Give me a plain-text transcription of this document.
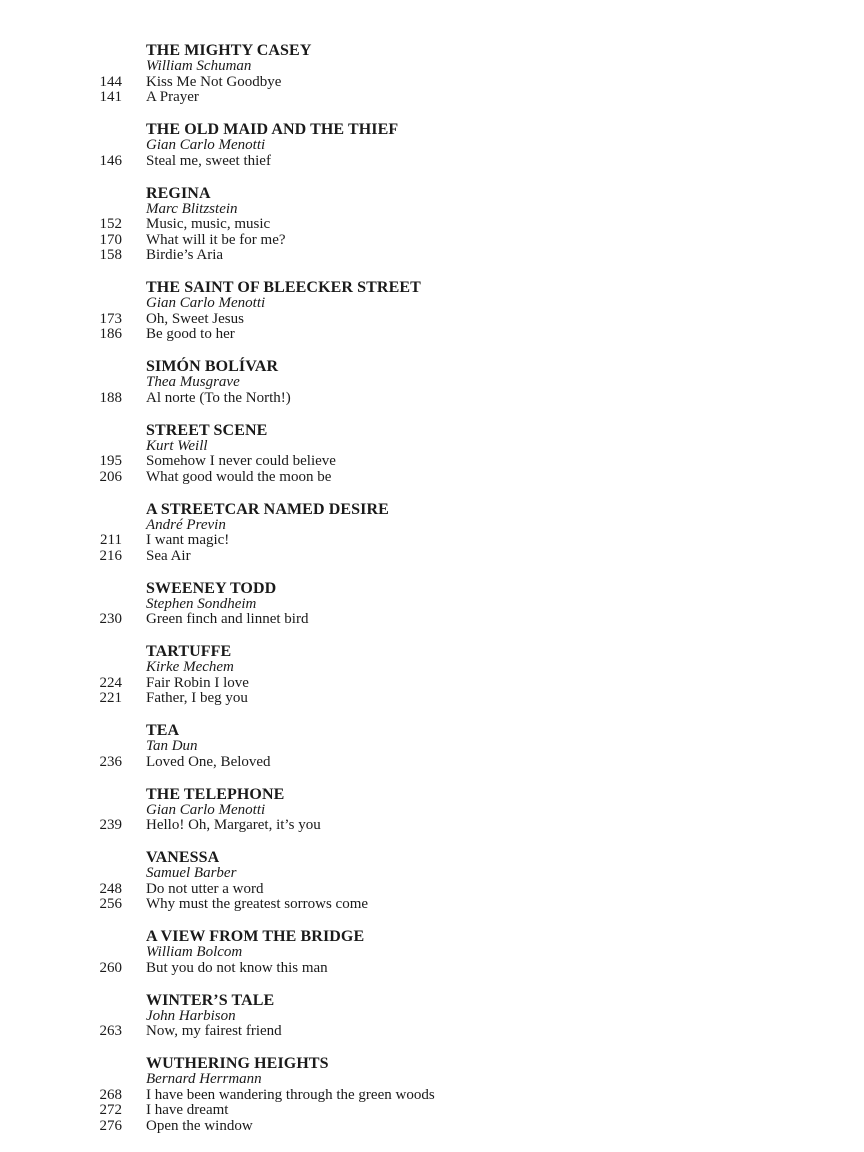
THE MIGHTY CASEY
William Schuman
144 Kiss Me Not Goodbye
141 A Prayer
THE OLD MAID AND THE THIEF
Gian Carlo Menotti
146 Steal me, sweet thief
REGINA
Marc Blitzstein
152 Music, music, music
170 What will it be for me?
158 Birdie’s Aria
THE SAINT OF BLEECKER STREET
Gian Carlo Menotti
173 Oh, Sweet Jesus
186 Be good to her
SIMÓN BOLÍVAR
Thea Musgrave
188 Al norte (To the North!)
STREET SCENE
Kurt Weill
195 Somehow I never could believe
206 What good would the moon be
A STREETCAR NAMED DESIRE
André Previn
211 I want magic!
216 Sea Air
SWEENEY TODD
Stephen Sondheim
230 Green finch and linnet bird
TARTUFFE
Kirke Mechem
224 Fair Robin I love
221 Father, I beg you
TEA
Tan Dun
236 Loved One, Beloved
THE TELEPHONE
Gian Carlo Menotti
239 Hello! Oh, Margaret, it’s you
VANESSA
Samuel Barber
248 Do not utter a word
256 Why must the greatest sorrows come
A VIEW FROM THE BRIDGE
William Bolcom
260 But you do not know this man
WINTER’S TALE
John Harbison
263 Now, my fairest friend
WUTHERING HEIGHTS
Bernard Herrmann
268 I have been wandering through the green woods
272 I have dreamt
276 Open the window
